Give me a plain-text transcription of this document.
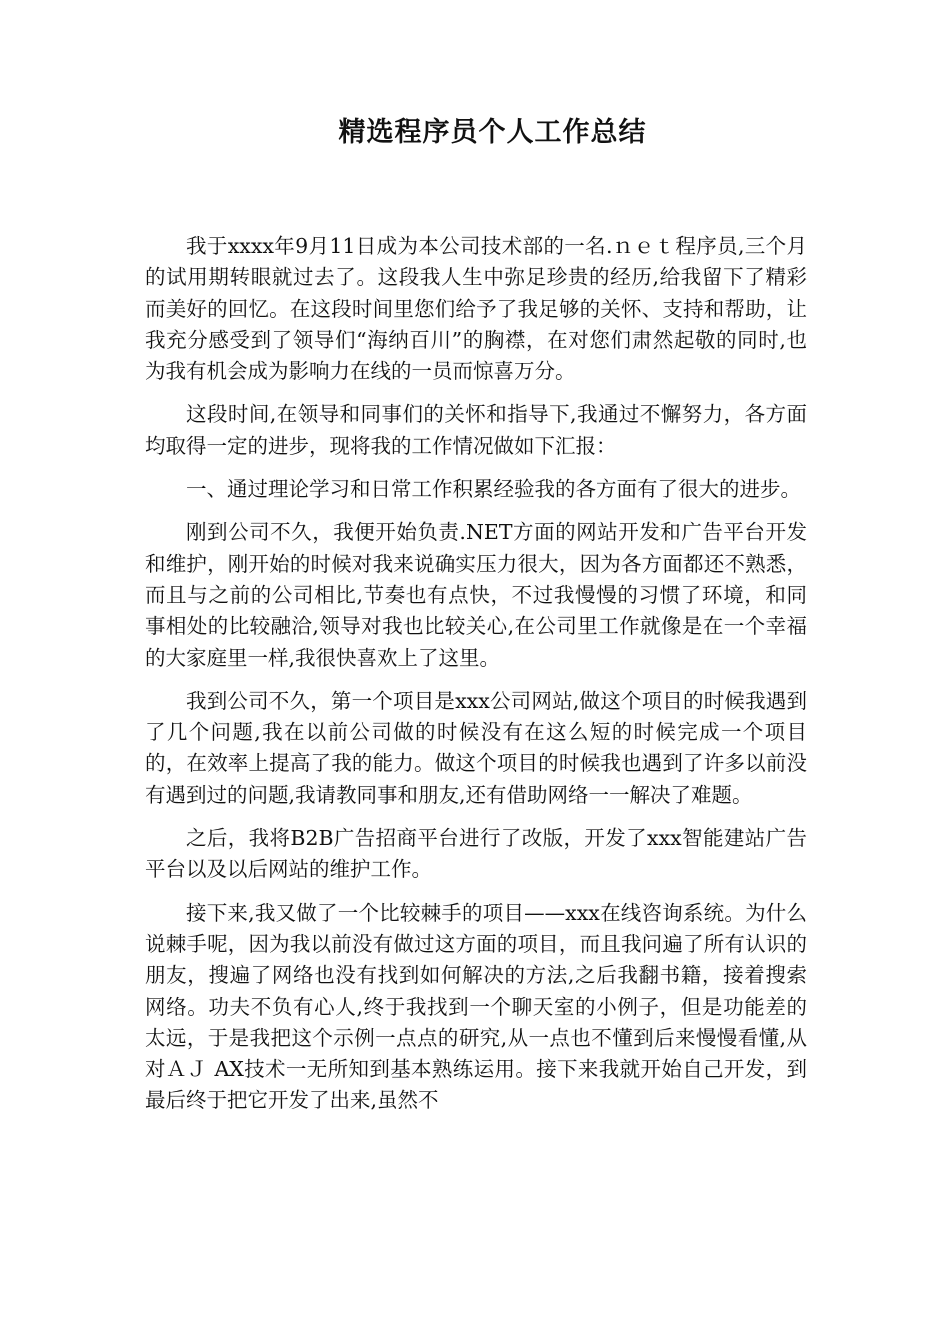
精选程序员个人工作总结

我于xxxx年9月11日成为本公司技术部的一名.ｎｅｔ程序员,三个月的试用期转眼就过去了。这段我人生中弥足珍贵的经历,给我留下了精彩而美好的回忆。在这段时间里您们给予了我足够的关怀、支持和帮助，让我充分感受到了领导们“海纳百川”的胸襟，在对您们肃然起敬的同时,也为我有机会成为影响力在线的一员而惊喜万分。

这段时间,在领导和同事们的关怀和指导下,我通过不懈努力，各方面均取得一定的进步，现将我的工作情况做如下汇报：

一、通过理论学习和日常工作积累经验我的各方面有了很大的进步。

刚到公司不久，我便开始负责.NET方面的网站开发和广告平台开发和维护，刚开始的时候对我来说确实压力很大，因为各方面都还不熟悉，而且与之前的公司相比,节奏也有点快，不过我慢慢的习惯了环境，和同事相处的比较融洽,领导对我也比较关心,在公司里工作就像是在一个幸福的大家庭里一样,我很快喜欢上了这里。

我到公司不久，第一个项目是xxx公司网站,做这个项目的时候我遇到了几个问题,我在以前公司做的时候没有在这么短的时候完成一个项目的，在效率上提高了我的能力。做这个项目的时候我也遇到了许多以前没有遇到过的问题,我请教同事和朋友,还有借助网络一一解决了难题。

之后，我将B2B广告招商平台进行了改版，开发了xxx智能建站广告平台以及以后网站的维护工作。

接下来,我又做了一个比较棘手的项目——xxx在线咨询系统。为什么说棘手呢，因为我以前没有做过这方面的项目，而且我问遍了所有认识的朋友，搜遍了网络也没有找到如何解决的方法,之后我翻书籍，接着搜索网络。功夫不负有心人,终于我找到一个聊天室的小例子，但是功能差的太远，于是我把这个示例一点点的研究,从一点也不懂到后来慢慢看懂,从对ＡＪ AX技术一无所知到基本熟练运用。接下来我就开始自己开发，到最后终于把它开发了出来,虽然不
